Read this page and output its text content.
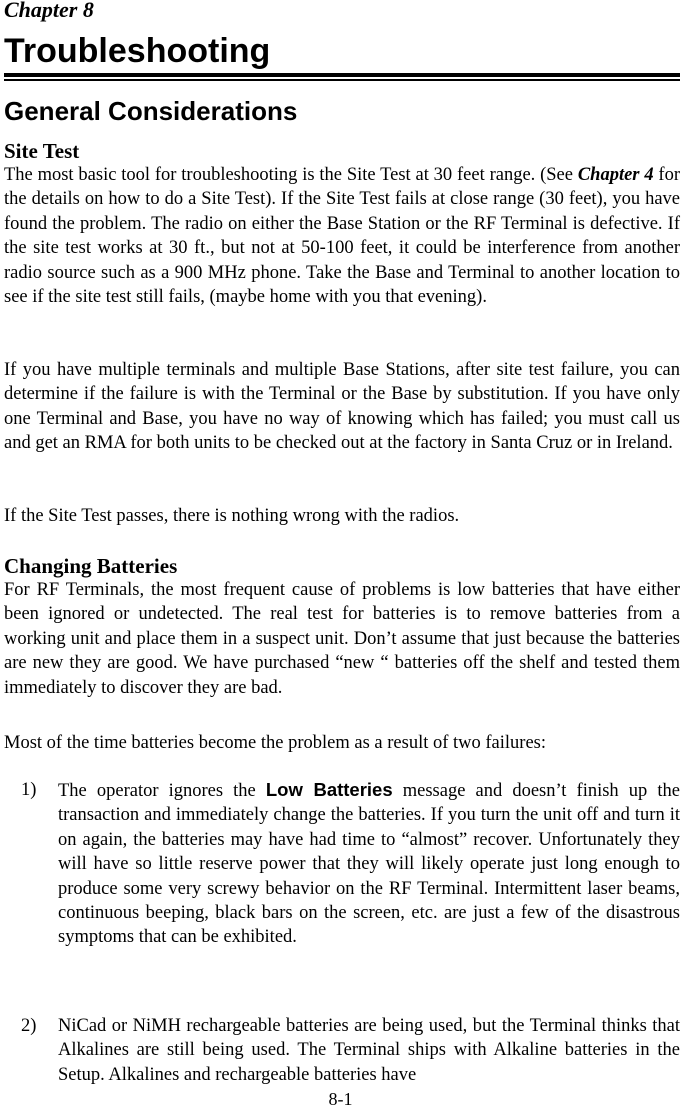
Chapter 8

Troubleshooting
General Considerations
Site Test

The most basic tool for troubleshooting is the Site Test at 30 feet range. (See Chapter 4 for the details on how to do a Site Test). If the Site Test fails at close range (30 feet), you have found the problem. The radio on either the Base Station or the RF Terminal is defective. If the site test works at 30 ft., but not at 50-100 feet, it could be interference from another radio source such as a 900 MHz phone. Take the Base and Terminal to another location to see if the site test still fails, (maybe home with you that evening).

If you have multiple terminals and multiple Base Stations, after site test failure, you can determine if the failure is with the Terminal or the Base by substitution. If you have only one Terminal and Base, you have no way of knowing which has failed; you must call us and get an RMA for both units to be checked out at the factory in Santa Cruz or in Ireland.

If the Site Test passes, there is nothing wrong with the radios.

Changing Batteries

For RF Terminals, the most frequent cause of problems is low batteries that have either been ignored or undetected. The real test for batteries is to remove batteries from a working unit and place them in a suspect unit. Don’t assume that just because the batteries are new they are good. We have purchased “new “ batteries off the shelf and tested them immediately to discover they are bad.

Most of the time batteries become the problem as a result of two failures:

1) The operator ignores the Low Batteries message and doesn’t finish up the transaction and immediately change the batteries. If you turn the unit off and turn it on again, the batteries may have had time to “almost” recover. Unfortunately they will have so little reserve power that they will likely operate just long enough to produce some very screwy behavior on the RF Terminal. Intermittent laser beams, continuous beeping, black bars on the screen, etc. are just a few of the disastrous symptoms that can be exhibited.

2) NiCad or NiMH rechargeable batteries are being used, but the Terminal thinks that Alkalines are still being used. The Terminal ships with Alkaline batteries in the Setup. Alkalines and rechargeable batteries have

8-1
